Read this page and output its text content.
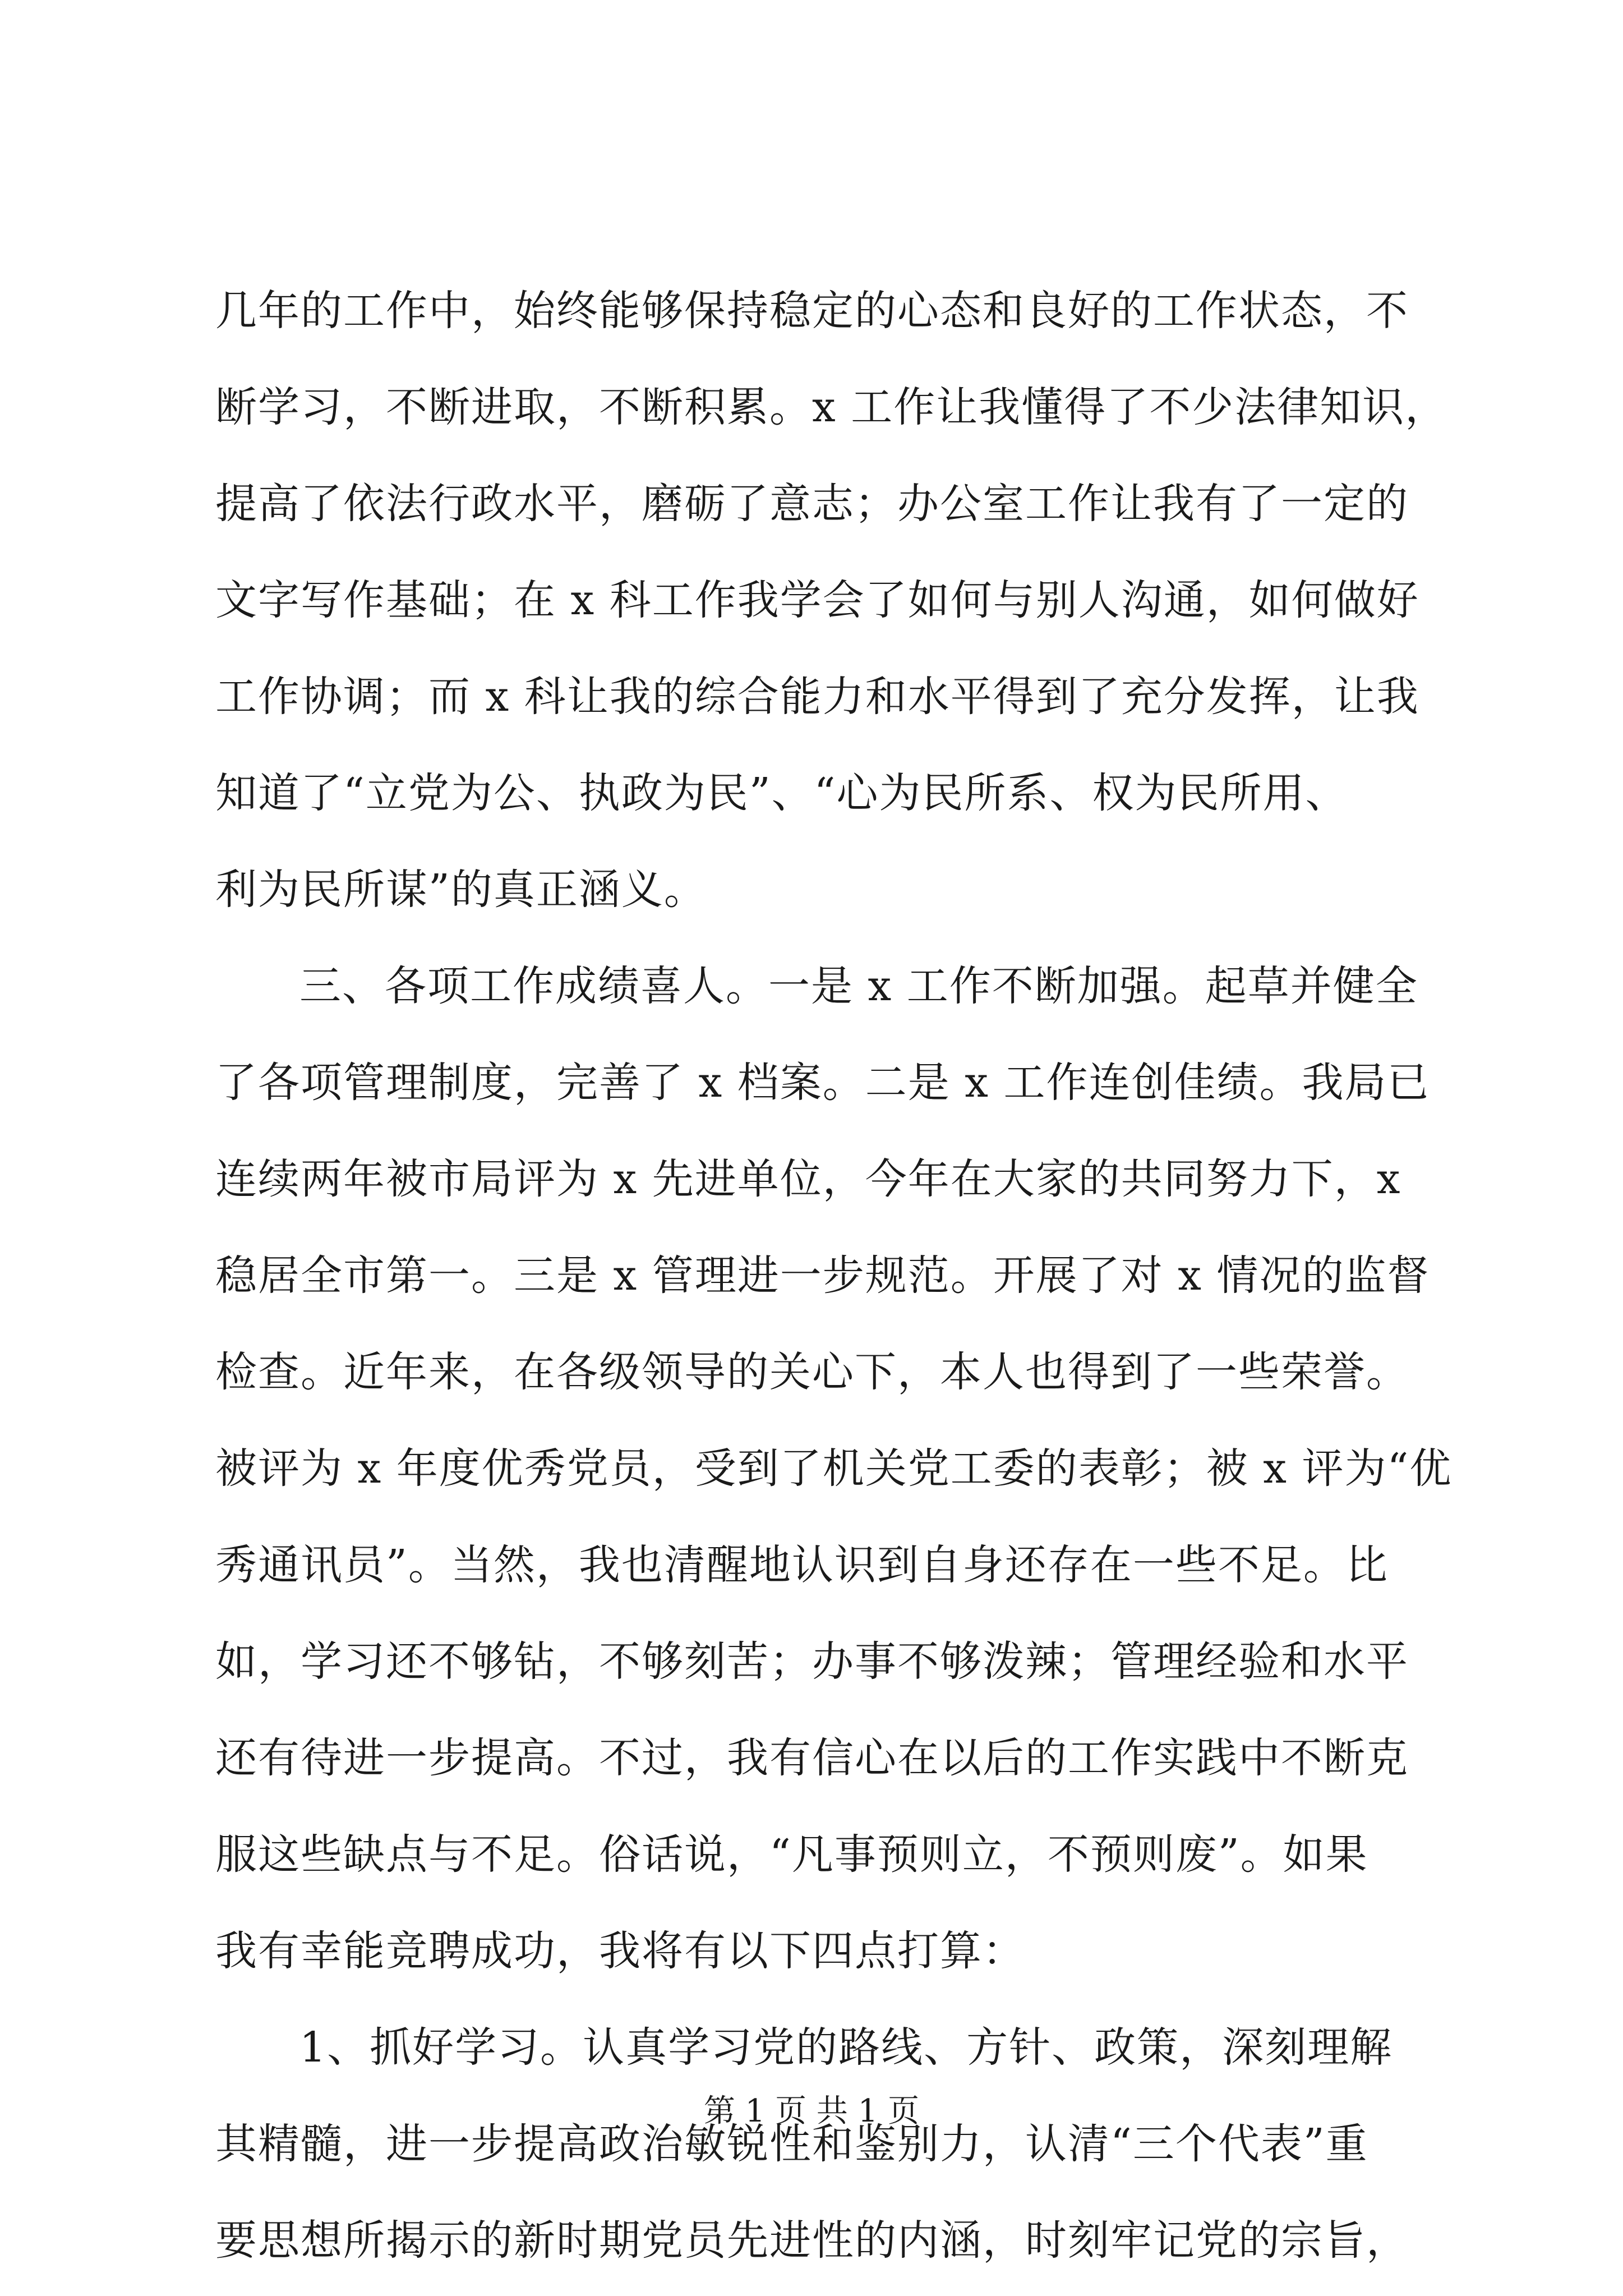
几年的工作中，始终能够保持稳定的心态和良好的工作状态，不
断学习，不断进取，不断积累。x 工作让我懂得了不少法律知识，
提高了依法行政水平，磨砺了意志；办公室工作让我有了一定的
文字写作基础；在 x 科工作我学会了如何与别人沟通，如何做好
工作协调；而 x 科让我的综合能力和水平得到了充分发挥，让我
知道了“立党为公、执政为民”、“心为民所系、权为民所用、
利为民所谋”的真正涵义。
三、各项工作成绩喜人。一是 x 工作不断加强。起草并健全
了各项管理制度，完善了 x 档案。二是 x 工作连创佳绩。我局已
连续两年被市局评为 x 先进单位，今年在大家的共同努力下，x
稳居全市第一。三是 x 管理进一步规范。开展了对 x 情况的监督
检查。近年来，在各级领导的关心下，本人也得到了一些荣誉。
被评为 x 年度优秀党员，受到了机关党工委的表彰；被 x 评为“优
秀通讯员”。当然，我也清醒地认识到自身还存在一些不足。比
如，学习还不够钻，不够刻苦；办事不够泼辣；管理经验和水平
还有待进一步提高。不过，我有信心在以后的工作实践中不断克
服这些缺点与不足。俗话说，“凡事预则立，不预则废”。如果
我有幸能竞聘成功，我将有以下四点打算：
1、抓好学习。认真学习党的路线、方针、政策，深刻理解
其精髓，进一步提高政治敏锐性和鉴别力，认清“三个代表”重
要思想所揭示的新时期党员先进性的内涵，时刻牢记党的宗旨，
第 1 页 共 1 页
